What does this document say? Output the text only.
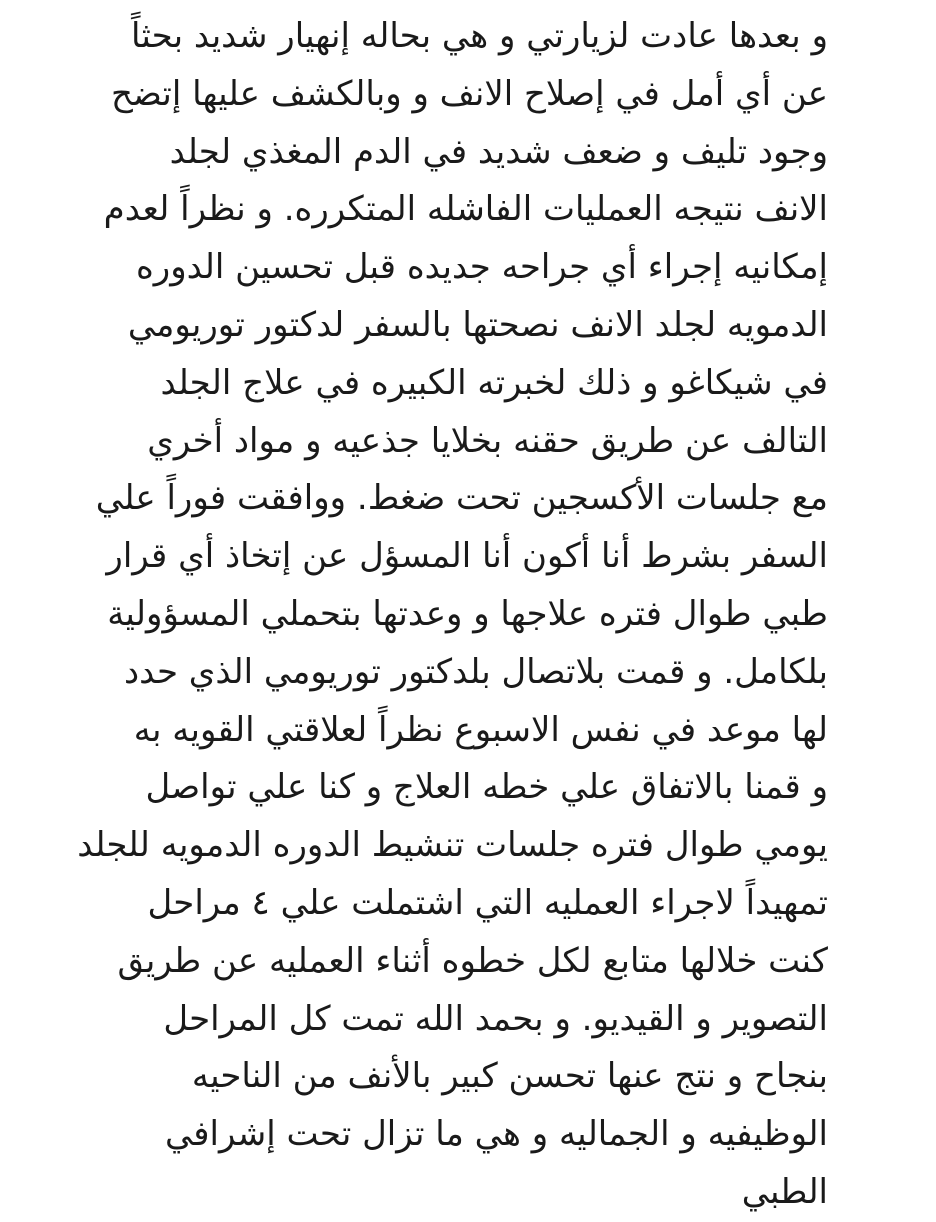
و بعدها عادت لزيارتي و هي بحاله إنهيار شديد بحثاً
عن أي أمل في إصلاح الانف و وبالكشف عليها إتضح
وجود تليف و ضعف شديد في الدم المغذي لجلد
الانف نتيجه العمليات الفاشله المتكرره. و نظراً لعدم
إمكانيه إجراء أي جراحه جديده قبل تحسين الدوره
الدمويه لجلد الانف نصحتها بالسفر لدكتور توريومي
في شيكاغو و ذلك لخبرته الكبيره في علاج الجلد
التالف عن طريق حقنه بخلايا جذعيه و مواد أخري
مع جلسات الأكسجين تحت ضغط. ووافقت فوراً علي
السفر بشرط أنا أكون أنا المسؤل عن إتخاذ أي قرار
طبي طوال فتره علاجها و وعدتها بتحملي المسؤولية
بلكامل. و قمت بلاتصال بلدكتور توريومي الذي حدد
لها موعد في نفس الاسبوع نظراً لعلاقتي القويه به
و قمنا بالاتفاق علي خطه العلاج و كنا علي تواصل
يومي طوال فتره جلسات تنشيط الدوره الدمويه للجلد
تمهيداً لاجراء العمليه التي اشتملت علي ٤ مراحل
كنت خلالها متابع لكل خطوه أثناء العمليه عن طريق
التصوير و القيديو. و بحمد الله تمت كل المراحل
بنجاح و نتج عنها تحسن كبير بالأنف من الناحيه
الوظيفيه و الجماليه و هي ما تزال تحت إشرافي
الطبي
